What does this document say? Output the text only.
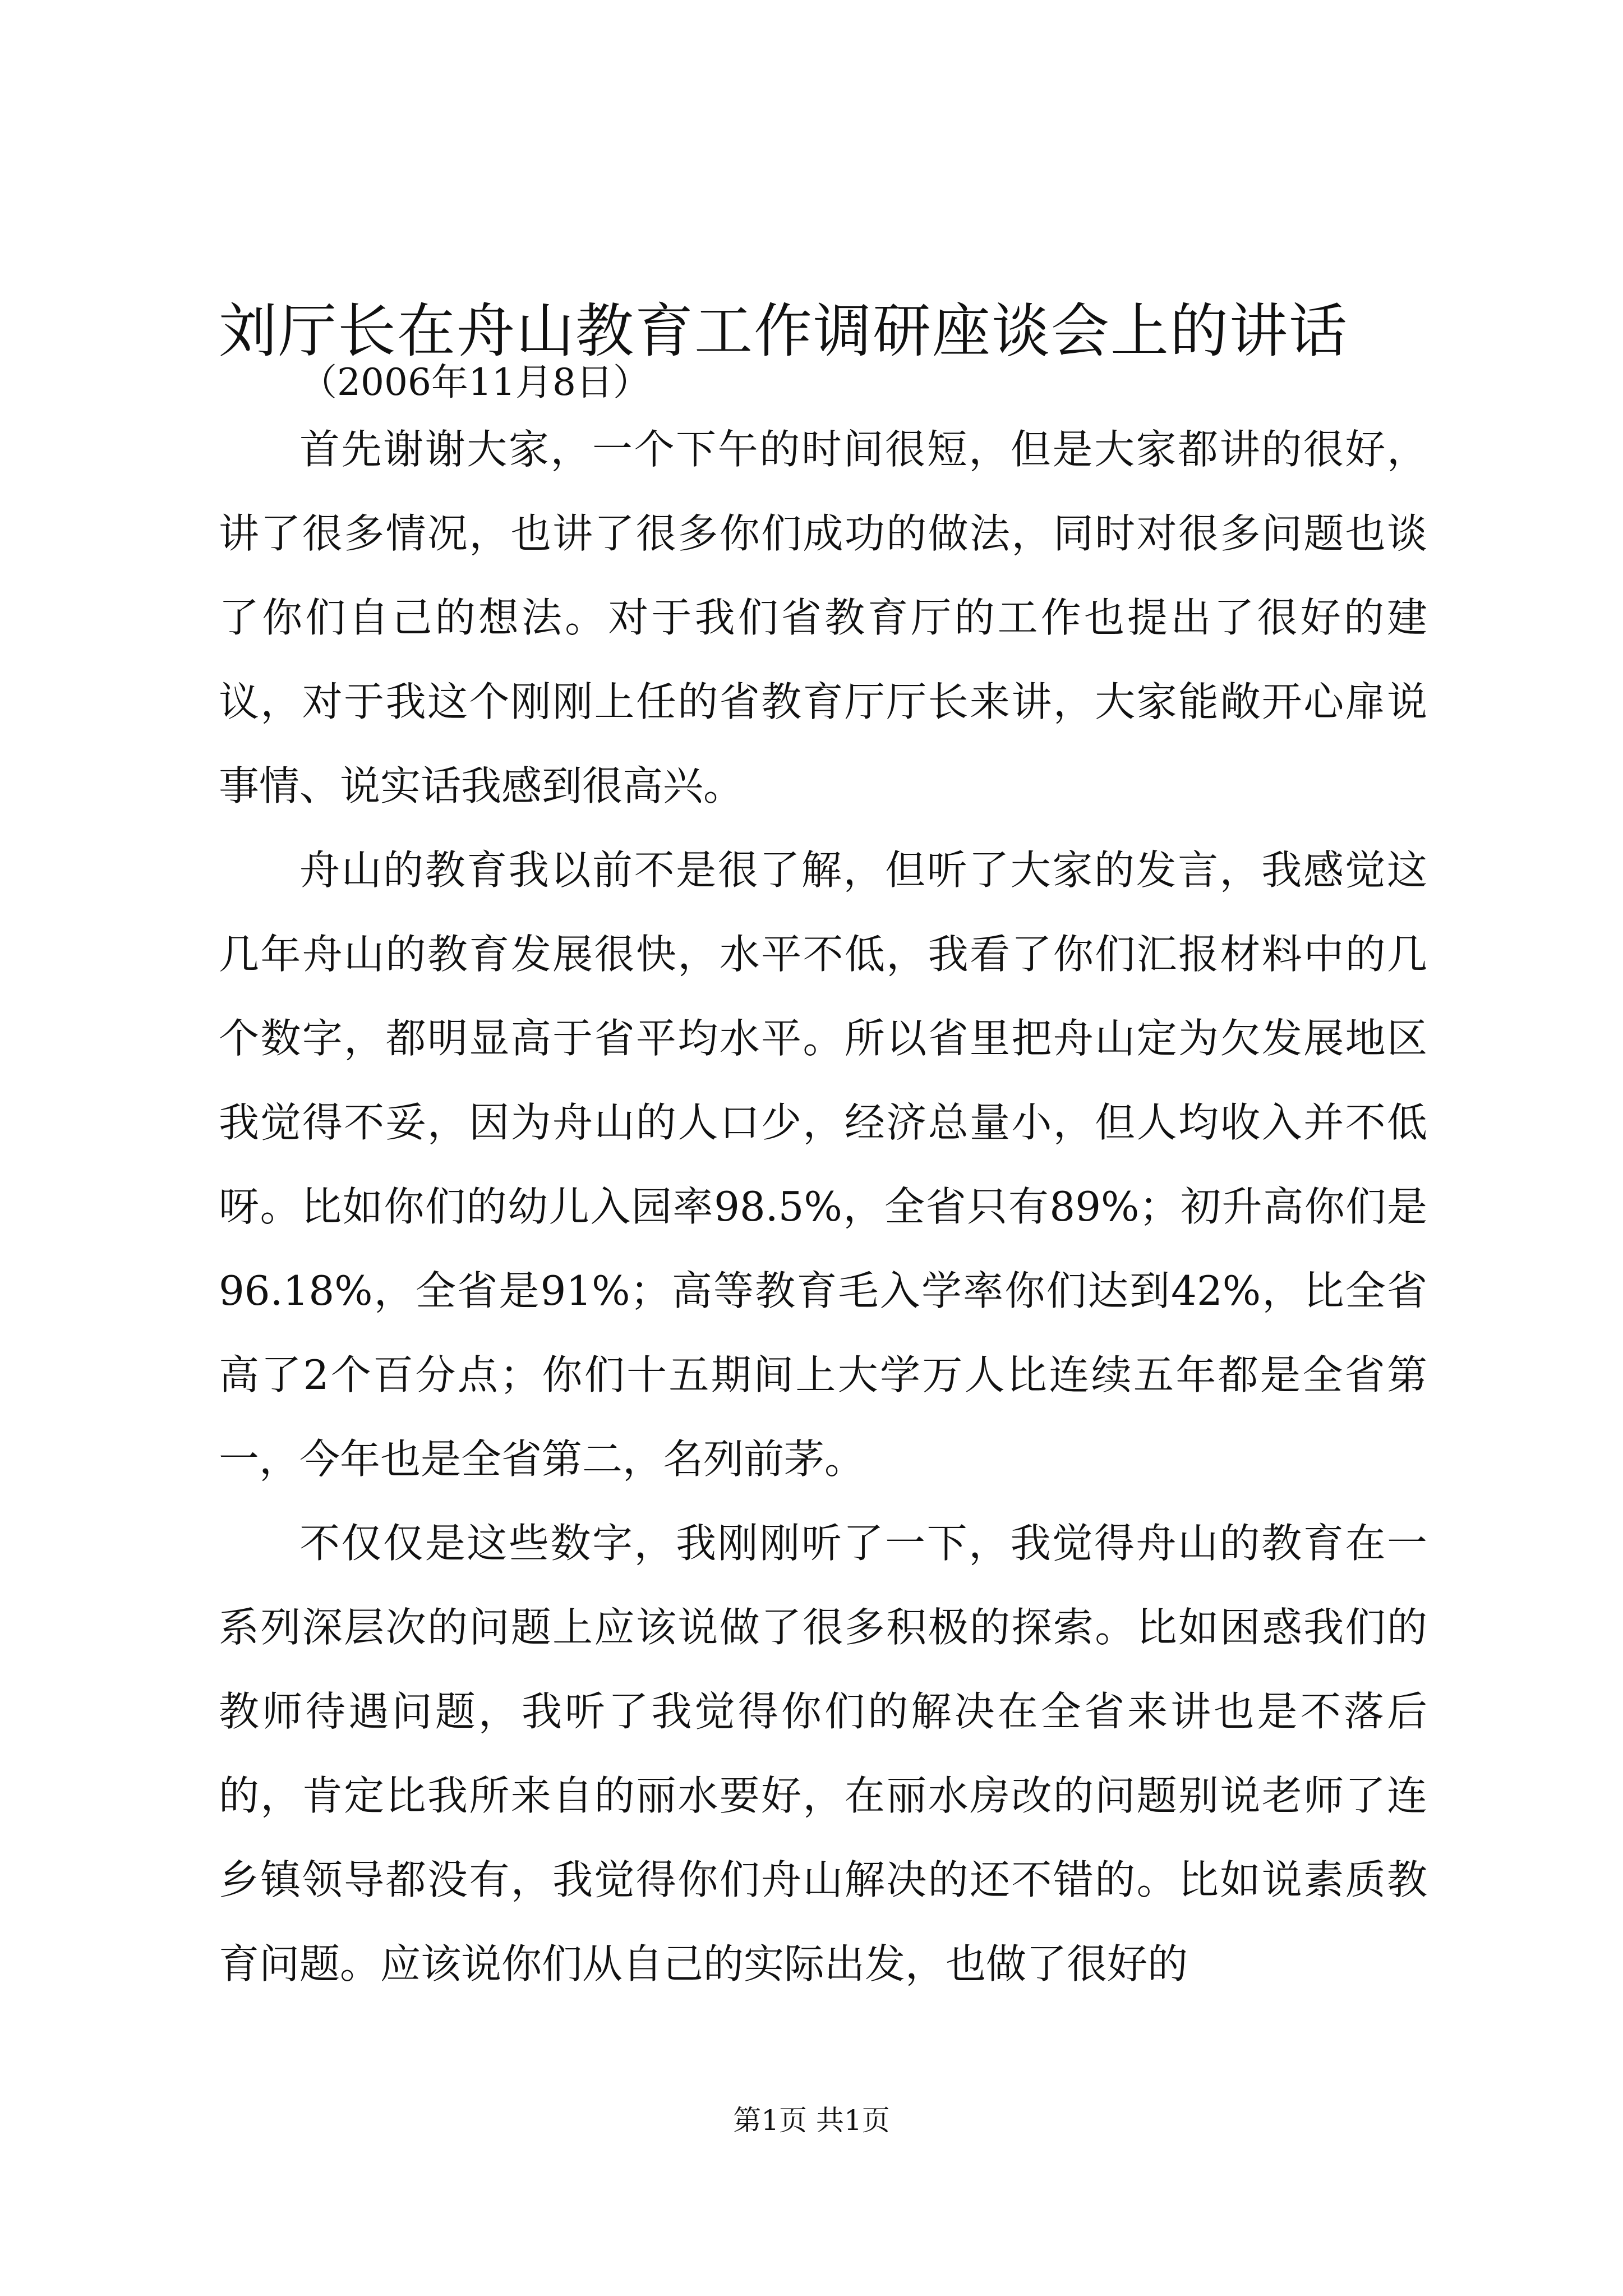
刘厅长在舟山教育工作调研座谈会上的讲话
（2006年11月8日）

首先谢谢大家，一个下午的时间很短，但是大家都讲的很好，讲了很多情况，也讲了很多你们成功的做法，同时对很多问题也谈了你们自己的想法。对于我们省教育厅的工作也提出了很好的建议，对于我这个刚刚上任的省教育厅厅长来讲，大家能敞开心扉说事情、说实话我感到很高兴。

舟山的教育我以前不是很了解，但听了大家的发言，我感觉这几年舟山的教育发展很快，水平不低，我看了你们汇报材料中的几个数字，都明显高于省平均水平。所以省里把舟山定为欠发展地区我觉得不妥，因为舟山的人口少，经济总量小，但人均收入并不低呀。比如你们的幼儿入园率98.5%，全省只有89%；初升高你们是96.18%，全省是91%；高等教育毛入学率你们达到42%，比全省高了2个百分点；你们十五期间上大学万人比连续五年都是全省第一，今年也是全省第二，名列前茅。

不仅仅是这些数字，我刚刚听了一下，我觉得舟山的教育在一系列深层次的问题上应该说做了很多积极的探索。比如困惑我们的教师待遇问题，我听了我觉得你们的解决在全省来讲也是不落后的，肯定比我所来自的丽水要好，在丽水房改的问题别说老师了连乡镇领导都没有，我觉得你们舟山解决的还不错的。比如说素质教育问题。应该说你们从自己的实际出发，也做了很好的

第1页 共1页
